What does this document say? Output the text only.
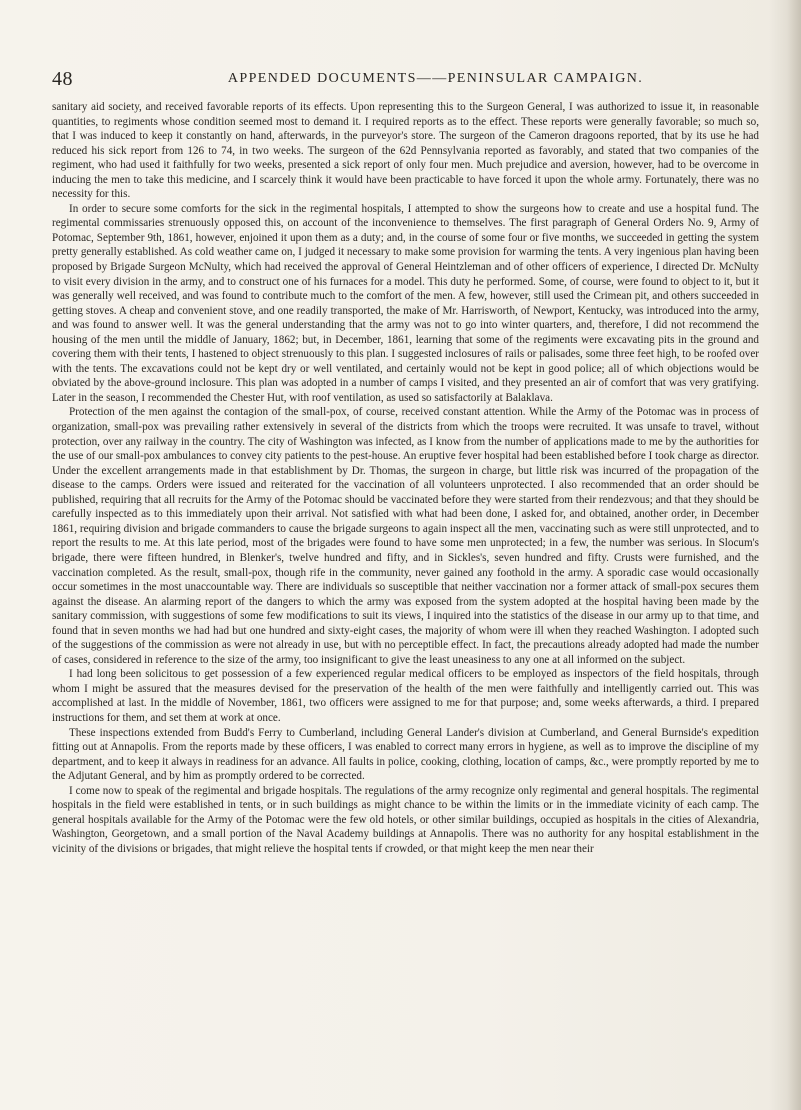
48	APPENDED DOCUMENTS——PENINSULAR CAMPAIGN.

sanitary aid society, and received favorable reports of its effects. Upon representing this to the Surgeon General, I was authorized to issue it, in reasonable quantities, to regiments whose condition seemed most to demand it. I required reports as to the effect. These reports were generally favorable; so much so, that I was induced to keep it constantly on hand, afterwards, in the purveyor's store. The surgeon of the Cameron dragoons reported, that by its use he had reduced his sick report from 126 to 74, in two weeks. The surgeon of the 62d Pennsylvania reported as favorably, and stated that two companies of the regiment, who had used it faithfully for two weeks, presented a sick report of only four men. Much prejudice and aversion, however, had to be overcome in inducing the men to take this medicine, and I scarcely think it would have been practicable to have forced it upon the whole army. Fortunately, there was no necessity for this.

In order to secure some comforts for the sick in the regimental hospitals, I attempted to show the surgeons how to create and use a hospital fund. The regimental commissaries strenuously opposed this, on account of the inconvenience to themselves. The first paragraph of General Orders No. 9, Army of Potomac, September 9th, 1861, however, enjoined it upon them as a duty; and, in the course of some four or five months, we succeeded in getting the system pretty generally established. As cold weather came on, I judged it necessary to make some provision for warming the tents. A very ingenious plan having been proposed by Brigade Surgeon McNulty, which had received the approval of General Heintzleman and of other officers of experience, I directed Dr. McNulty to visit every division in the army, and to construct one of his furnaces for a model. This duty he performed. Some, of course, were found to object to it, but it was generally well received, and was found to contribute much to the comfort of the men. A few, however, still used the Crimean pit, and others succeeded in getting stoves. A cheap and convenient stove, and one readily transported, the make of Mr. Harrisworth, of Newport, Kentucky, was introduced into the army, and was found to answer well. It was the general understanding that the army was not to go into winter quarters, and, therefore, I did not recommend the housing of the men until the middle of January, 1862; but, in December, 1861, learning that some of the regiments were excavating pits in the ground and covering them with their tents, I hastened to object strenuously to this plan. I suggested inclosures of rails or palisades, some three feet high, to be roofed over with the tents. The excavations could not be kept dry or well ventilated, and certainly would not be kept in good police; all of which objections would be obviated by the above-ground inclosure. This plan was adopted in a number of camps I visited, and they presented an air of comfort that was very gratifying. Later in the season, I recommended the Chester Hut, with roof ventilation, as used so satisfactorily at Balaklava.

Protection of the men against the contagion of the small-pox, of course, received constant attention. While the Army of the Potomac was in process of organization, small-pox was prevailing rather extensively in several of the districts from which the troops were recruited. It was unsafe to travel, without protection, over any railway in the country. The city of Washington was infected, as I know from the number of applications made to me by the authorities for the use of our small-pox ambulances to convey city patients to the pest-house. An eruptive fever hospital had been established before I took charge as director. Under the excellent arrangements made in that establishment by Dr. Thomas, the surgeon in charge, but little risk was incurred of the propagation of the disease to the camps. Orders were issued and reiterated for the vaccination of all volunteers unprotected. I also recommended that an order should be published, requiring that all recruits for the Army of the Potomac should be vaccinated before they were started from their rendezvous; and that they should be carefully inspected as to this immediately upon their arrival. Not satisfied with what had been done, I asked for, and obtained, another order, in December 1861, requiring division and brigade commanders to cause the brigade surgeons to again inspect all the men, vaccinating such as were still unprotected, and to report the results to me. At this late period, most of the brigades were found to have some men unprotected; in a few, the number was serious. In Slocum's brigade, there were fifteen hundred, in Blenker's, twelve hundred and fifty, and in Sickles's, seven hundred and fifty. Crusts were furnished, and the vaccination completed. As the result, small-pox, though rife in the community, never gained any foothold in the army. A sporadic case would occasionally occur sometimes in the most unaccountable way. There are individuals so susceptible that neither vaccination nor a former attack of small-pox secures them against the disease. An alarming report of the dangers to which the army was exposed from the system adopted at the hospital having been made by the sanitary commission, with suggestions of some few modifications to suit its views, I inquired into the statistics of the disease in our army up to that time, and found that in seven months we had had but one hundred and sixty-eight cases, the majority of whom were ill when they reached Washington. I adopted such of the suggestions of the commission as were not already in use, but with no perceptible effect. In fact, the precautions already adopted had made the number of cases, considered in reference to the size of the army, too insignificant to give the least uneasiness to any one at all informed on the subject.

I had long been solicitous to get possession of a few experienced regular medical officers to be employed as inspectors of the field hospitals, through whom I might be assured that the measures devised for the preservation of the health of the men were faithfully and intelligently carried out. This was accomplished at last. In the middle of November, 1861, two officers were assigned to me for that purpose; and, some weeks afterwards, a third. I prepared instructions for them, and set them at work at once.

These inspections extended from Budd's Ferry to Cumberland, including General Lander's division at Cumberland, and General Burnside's expedition fitting out at Annapolis. From the reports made by these officers, I was enabled to correct many errors in hygiene, as well as to improve the discipline of my department, and to keep it always in readiness for an advance. All faults in police, cooking, clothing, location of camps, &c., were promptly reported by me to the Adjutant General, and by him as promptly ordered to be corrected.

I come now to speak of the regimental and brigade hospitals. The regulations of the army recognize only regimental and general hospitals. The regimental hospitals in the field were established in tents, or in such buildings as might chance to be within the limits or in the immediate vicinity of each camp. The general hospitals available for the Army of the Potomac were the few old hotels, or other similar buildings, occupied as hospitals in the cities of Alexandria, Washington, Georgetown, and a small portion of the Naval Academy buildings at Annapolis. There was no authority for any hospital establishment in the vicinity of the divisions or brigades, that might relieve the hospital tents if crowded, or that might keep the men near their
